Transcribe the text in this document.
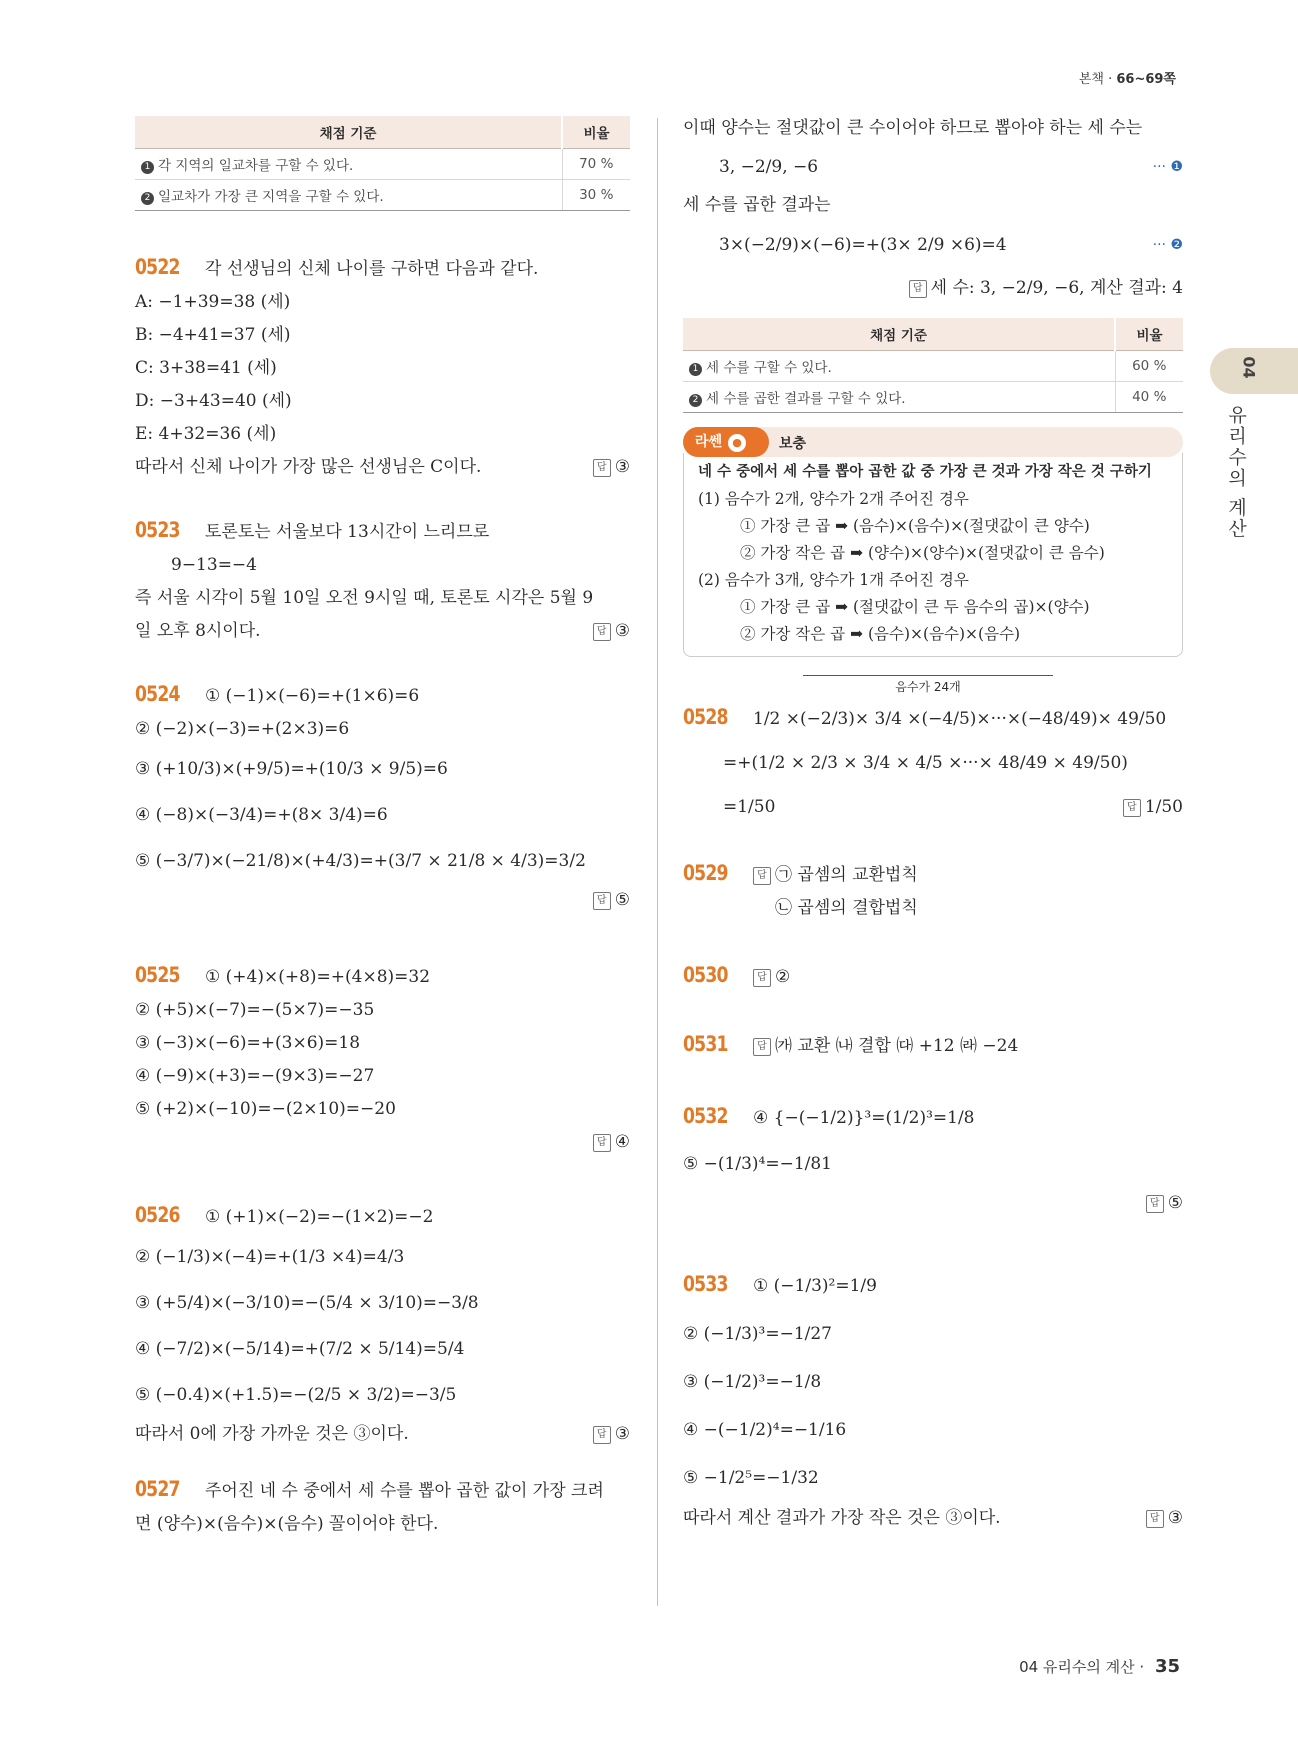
본책 · 66~69쪽
04
유리수의 계산
채점 기준	비율
1 각 지역의 일교차를 구할 수 있다.	70 %
2 일교차가 가장 큰 지역을 구할 수 있다.	30 %
0522 각 선생님의 신체 나이를 구하면 다음과 같다.
A: −1+39=38 (세)
B: −4+41=37 (세)
C: 3+38=41 (세)
D: −3+43=40 (세)
E: 4+32=36 (세)
따라서 신체 나이가 가장 많은 선생님은 C이다.	답 ③
0523 토론토는 서울보다 13시간이 느리므로
9−13=−4
즉 서울 시각이 5월 10일 오전 9시일 때, 토론토 시각은 5월 9
일 오후 8시이다.	답 ③
0524 ① (−1)×(−6)=+(1×6)=6
② (−2)×(−3)=+(2×3)=6
③ (+10/3)×(+9/5)=+(10/3 × 9/5)=6
④ (−8)×(−3/4)=+(8× 3/4)=6
⑤ (−3/7)×(−21/8)×(+4/3)=+(3/7 × 21/8 × 4/3)=3/2
답 ⑤
0525 ① (+4)×(+8)=+(4×8)=32
② (+5)×(−7)=−(5×7)=−35
③ (−3)×(−6)=+(3×6)=18
④ (−9)×(+3)=−(9×3)=−27
⑤ (+2)×(−10)=−(2×10)=−20
답 ④
0526 ① (+1)×(−2)=−(1×2)=−2
② (−1/3)×(−4)=+(1/3 ×4)=4/3
③ (+5/4)×(−3/10)=−(5/4 × 3/10)=−3/8
④ (−7/2)×(−5/14)=+(7/2 × 5/14)=5/4
⑤ (−0.4)×(+1.5)=−(2/5 × 3/2)=−3/5
따라서 0에 가장 가까운 것은 ③이다.	답 ③
0527 주어진 네 수 중에서 세 수를 뽑아 곱한 값이 가장 크려
면 (양수)×(음수)×(음수) 꼴이어야 한다.
이때 양수는 절댓값이 큰 수이어야 하므로 뽑아야 하는 세 수는
3, −2/9, −6	··· ❶
세 수를 곱한 결과는
3×(−2/9)×(−6)=+(3× 2/9 ×6)=4	··· ❷
답 세 수: 3, −2/9, −6, 계산 결과: 4
채점 기준	비율
1 세 수를 구할 수 있다.	60 %
2 세 수를 곱한 결과를 구할 수 있다.	40 %
라쎈 ●	보충
네 수 중에서 세 수를 뽑아 곱한 값 중 가장 큰 것과 가장 작은 것 구하기
(1) 음수가 2개, 양수가 2개 주어진 경우
① 가장 큰 곱 ➡ (음수)×(음수)×(절댓값이 큰 양수)
② 가장 작은 곱 ➡ (양수)×(양수)×(절댓값이 큰 음수)
(2) 음수가 3개, 양수가 1개 주어진 경우
① 가장 큰 곱 ➡ (절댓값이 큰 두 음수의 곱)×(양수)
② 가장 작은 곱 ➡ (음수)×(음수)×(음수)
음수가 24개
0528 1/2 ×(−2/3)× 3/4 ×(−4/5)×···×(−48/49)× 49/50
=+(1/2 × 2/3 × 3/4 × 4/5 ×···× 48/49 × 49/50)
=1/50	답 1/50
0529	답 ㉠ 곱셈의 교환법칙
㉡ 곱셈의 결합법칙
0530	답 ②
0531	답 ㈎ 교환 ㈏ 결합 ㈐ +12 ㈑ −24
0532 ④ {−(−1/2)}³=(1/2)³=1/8
⑤ −(1/3)⁴=−1/81
답 ⑤
0533 ① (−1/3)²=1/9
② (−1/3)³=−1/27
③ (−1/2)³=−1/8
④ −(−1/2)⁴=−1/16
⑤ −1/2⁵=−1/32
따라서 계산 결과가 가장 작은 것은 ③이다.	답 ③
04 유리수의 계산 · 35
